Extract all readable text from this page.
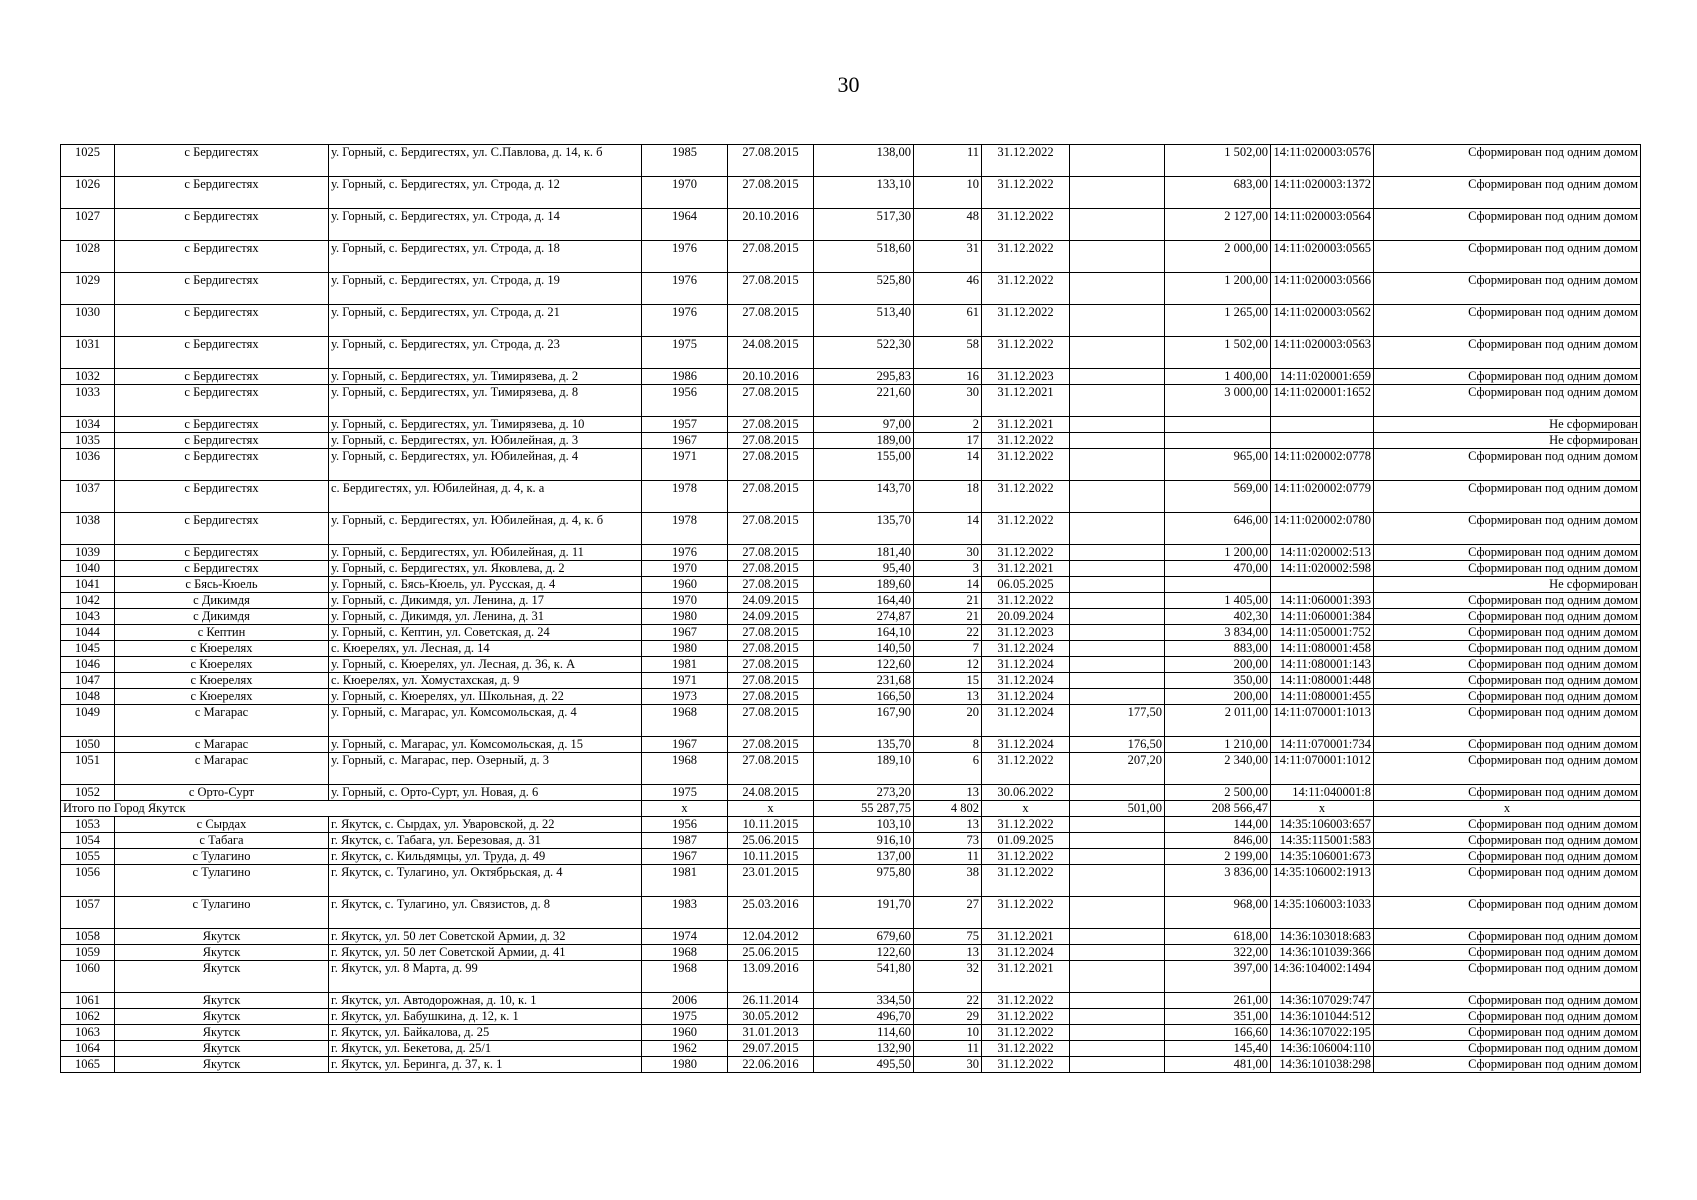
30
1025	с Бердигестях	у. Горный, с. Бердигестях, ул. С.Павлова, д. 14, к. б	1985	27.08.2015	138,00	11	31.12.2022		1 502,00	14:11:020003:0576	Сформирован под одним домом
1026	с Бердигестях	у. Горный, с. Бердигестях, ул. Строда, д. 12	1970	27.08.2015	133,10	10	31.12.2022		683,00	14:11:020003:1372	Сформирован под одним домом
1027	с Бердигестях	у. Горный, с. Бердигестях, ул. Строда, д. 14	1964	20.10.2016	517,30	48	31.12.2022		2 127,00	14:11:020003:0564	Сформирован под одним домом
1028	с Бердигестях	у. Горный, с. Бердигестях, ул. Строда, д. 18	1976	27.08.2015	518,60	31	31.12.2022		2 000,00	14:11:020003:0565	Сформирован под одним домом
1029	с Бердигестях	у. Горный, с. Бердигестях, ул. Строда, д. 19	1976	27.08.2015	525,80	46	31.12.2022		1 200,00	14:11:020003:0566	Сформирован под одним домом
1030	с Бердигестях	у. Горный, с. Бердигестях, ул. Строда, д. 21	1976	27.08.2015	513,40	61	31.12.2022		1 265,00	14:11:020003:0562	Сформирован под одним домом
1031	с Бердигестях	у. Горный, с. Бердигестях, ул. Строда, д. 23	1975	24.08.2015	522,30	58	31.12.2022		1 502,00	14:11:020003:0563	Сформирован под одним домом
1032	с Бердигестях	у. Горный, с. Бердигестях, ул. Тимирязева, д. 2	1986	20.10.2016	295,83	16	31.12.2023		1 400,00	14:11:020001:659	Сформирован под одним домом
1033	с Бердигестях	у. Горный, с. Бердигестях, ул. Тимирязева, д. 8	1956	27.08.2015	221,60	30	31.12.2021		3 000,00	14:11:020001:1652	Сформирован под одним домом
1034	с Бердигестях	у. Горный, с. Бердигестях, ул. Тимирязева, д. 10	1957	27.08.2015	97,00	2	31.12.2021				Не сформирован
1035	с Бердигестях	у. Горный, с. Бердигестях, ул. Юбилейная, д. 3	1967	27.08.2015	189,00	17	31.12.2022				Не сформирован
1036	с Бердигестях	у. Горный, с. Бердигестях, ул. Юбилейная, д. 4	1971	27.08.2015	155,00	14	31.12.2022		965,00	14:11:020002:0778	Сформирован под одним домом
1037	с Бердигестях	с. Бердигестях, ул. Юбилейная, д. 4, к. а	1978	27.08.2015	143,70	18	31.12.2022		569,00	14:11:020002:0779	Сформирован под одним домом
1038	с Бердигестях	у. Горный, с. Бердигестях, ул. Юбилейная, д. 4, к. б	1978	27.08.2015	135,70	14	31.12.2022		646,00	14:11:020002:0780	Сформирован под одним домом
1039	с Бердигестях	у. Горный, с. Бердигестях, ул. Юбилейная, д. 11	1976	27.08.2015	181,40	30	31.12.2022		1 200,00	14:11:020002:513	Сформирован под одним домом
1040	с Бердигестях	у. Горный, с. Бердигестях, ул. Яковлева, д. 2	1970	27.08.2015	95,40	3	31.12.2021		470,00	14:11:020002:598	Сформирован под одним домом
1041	с Бясь-Кюель	у. Горный, с. Бясь-Кюель, ул. Русская, д. 4	1960	27.08.2015	189,60	14	06.05.2025				Не сформирован
1042	с Дикимдя	у. Горный, с. Дикимдя, ул. Ленина, д. 17	1970	24.09.2015	164,40	21	31.12.2022		1 405,00	14:11:060001:393	Сформирован под одним домом
1043	с Дикимдя	у. Горный, с. Дикимдя, ул. Ленина, д. 31	1980	24.09.2015	274,87	21	20.09.2024		402,30	14:11:060001:384	Сформирован под одним домом
1044	с Кептин	у. Горный, с. Кептин, ул. Советская, д. 24	1967	27.08.2015	164,10	22	31.12.2023		3 834,00	14:11:050001:752	Сформирован под одним домом
1045	с Кюерелях	с. Кюерелях, ул. Лесная, д. 14	1980	27.08.2015	140,50	7	31.12.2024		883,00	14:11:080001:458	Сформирован под одним домом
1046	с Кюерелях	у. Горный, с. Кюерелях, ул. Лесная, д. 36, к. А	1981	27.08.2015	122,60	12	31.12.2024		200,00	14:11:080001:143	Сформирован под одним домом
1047	с Кюерелях	с. Кюерелях, ул. Хомустахская, д. 9	1971	27.08.2015	231,68	15	31.12.2024		350,00	14:11:080001:448	Сформирован под одним домом
1048	с Кюерелях	у. Горный, с. Кюерелях, ул. Школьная, д. 22	1973	27.08.2015	166,50	13	31.12.2024		200,00	14:11:080001:455	Сформирован под одним домом
1049	с Магарас	у. Горный, с. Магарас, ул. Комсомольская, д. 4	1968	27.08.2015	167,90	20	31.12.2024	177,50	2 011,00	14:11:070001:1013	Сформирован под одним домом
1050	с Магарас	у. Горный, с. Магарас, ул. Комсомольская, д. 15	1967	27.08.2015	135,70	8	31.12.2024	176,50	1 210,00	14:11:070001:734	Сформирован под одним домом
1051	с Магарас	у. Горный, с. Магарас, пер. Озерный, д. 3	1968	27.08.2015	189,10	6	31.12.2022	207,20	2 340,00	14:11:070001:1012	Сформирован под одним домом
1052	с Орто-Сурт	у. Горный, с. Орто-Сурт, ул. Новая, д. 6	1975	24.08.2015	273,20	13	30.06.2022		2 500,00	14:11:040001:8	Сформирован под одним домом
Итого по Город Якутск			x	x	55 287,75	4 802	x	501,00	208 566,47	x	x
1053	с Сырдах	г. Якутск, с. Сырдах, ул. Уваровской, д. 22	1956	10.11.2015	103,10	13	31.12.2022		144,00	14:35:106003:657	Сформирован под одним домом
1054	с Табага	г. Якутск, с. Табага, ул. Березовая, д. 31	1987	25.06.2015	916,10	73	01.09.2025		846,00	14:35:115001:583	Сформирован под одним домом
1055	с Тулагино	г. Якутск, с. Кильдямцы, ул. Труда, д. 49	1967	10.11.2015	137,00	11	31.12.2022		2 199,00	14:35:106001:673	Сформирован под одним домом
1056	с Тулагино	г. Якутск, с. Тулагино, ул. Октябрьская, д. 4	1981	23.01.2015	975,80	38	31.12.2022		3 836,00	14:35:106002:1913	Сформирован под одним домом
1057	с Тулагино	г. Якутск, с. Тулагино, ул. Связистов, д. 8	1983	25.03.2016	191,70	27	31.12.2022		968,00	14:35:106003:1033	Сформирован под одним домом
1058	Якутск	г. Якутск, ул. 50 лет Советской Армии, д. 32	1974	12.04.2012	679,60	75	31.12.2021		618,00	14:36:103018:683	Сформирован под одним домом
1059	Якутск	г. Якутск, ул. 50 лет Советской Армии, д. 41	1968	25.06.2015	122,60	13	31.12.2024		322,00	14:36:101039:366	Сформирован под одним домом
1060	Якутск	г. Якутск, ул. 8 Марта, д. 99	1968	13.09.2016	541,80	32	31.12.2021		397,00	14:36:104002:1494	Сформирован под одним домом
1061	Якутск	г. Якутск, ул. Автодорожная, д. 10, к. 1	2006	26.11.2014	334,50	22	31.12.2022		261,00	14:36:107029:747	Сформирован под одним домом
1062	Якутск	г. Якутск, ул. Бабушкина, д. 12, к. 1	1975	30.05.2012	496,70	29	31.12.2022		351,00	14:36:101044:512	Сформирован под одним домом
1063	Якутск	г. Якутск, ул. Байкалова, д. 25	1960	31.01.2013	114,60	10	31.12.2022		166,60	14:36:107022:195	Сформирован под одним домом
1064	Якутск	г. Якутск, ул. Бекетова, д. 25/1	1962	29.07.2015	132,90	11	31.12.2022		145,40	14:36:106004:110	Сформирован под одним домом
1065	Якутск	г. Якутск, ул. Беринга, д. 37, к. 1	1980	22.06.2016	495,50	30	31.12.2022		481,00	14:36:101038:298	Сформирован под одним домом
